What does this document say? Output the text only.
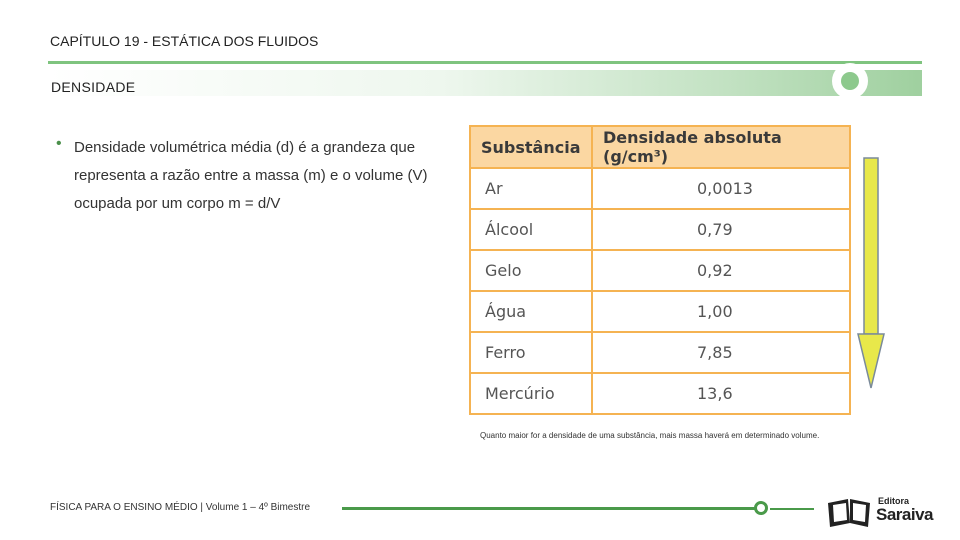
CAPÍTULO 19 - ESTÁTICA DOS FLUIDOS
DENSIDADE
• Densidade volumétrica média (d) é a grandeza que representa a razão entre a massa (m) e o volume (V) ocupada por um corpo m = d/V
Substância	Densidade absoluta (g/cm³)
Ar	0,0013
Álcool	0,79
Gelo	0,92
Água	1,00
Ferro	7,85
Mercúrio	13,6
Quanto maior for a densidade de uma substância, mais massa haverá em determinado volume.
FÍSICA PARA O ENSINO MÉDIO | Volume 1 – 4º Bimestre
Editora
Saraiva
